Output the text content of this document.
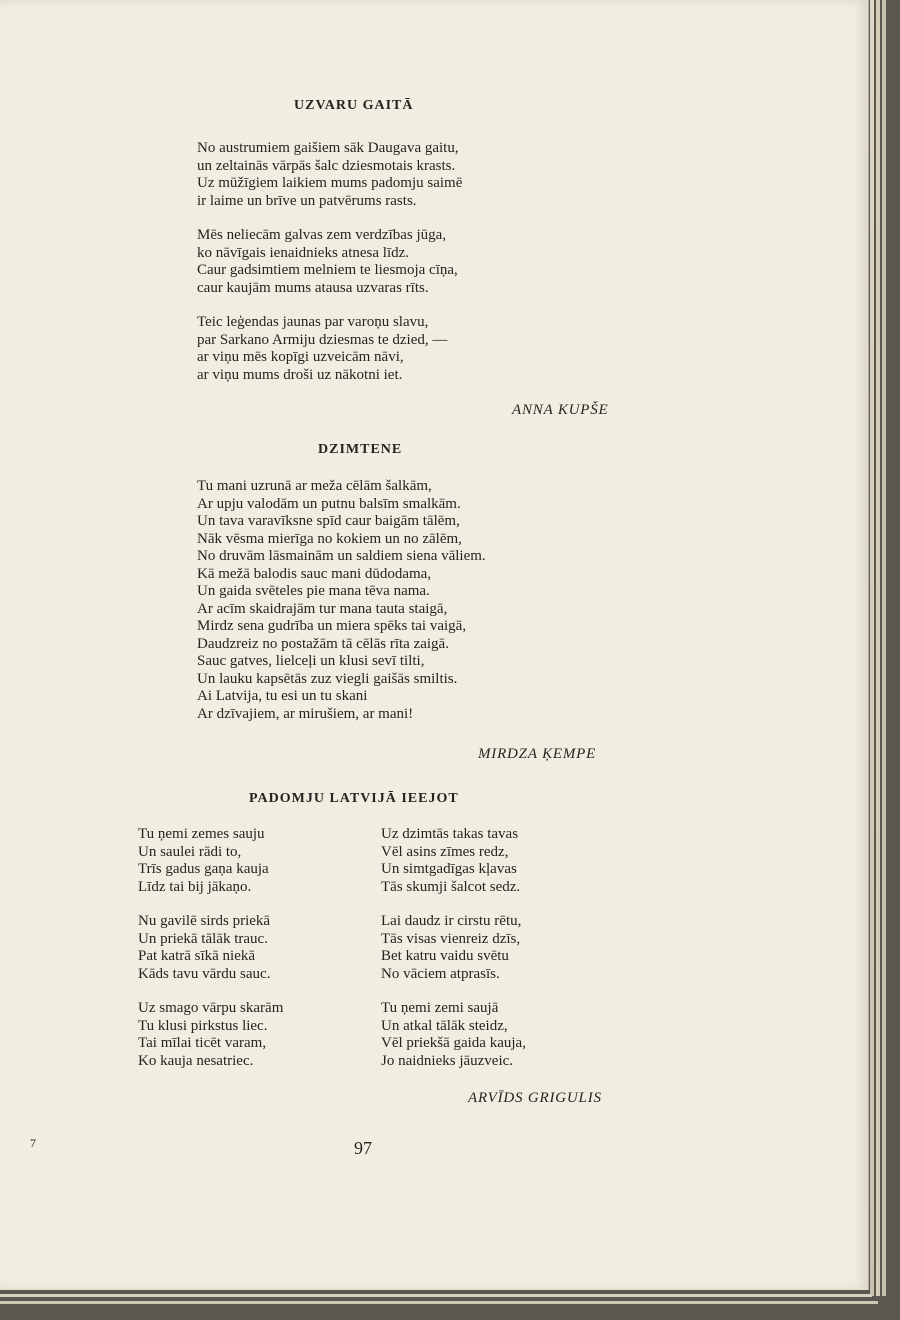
UZVARU GAITĀ
No austrumiem gaišiem sāk Daugava gaitu,
un zeltainās vārpās šalc dziesmotais krasts.
Uz mūžīgiem laikiem mums padomju saimē
ir laime un brīve un patvērums rasts.
Mēs neliecām galvas zem verdzības jūga,
ko nāvīgais ienaidnieks atnesa līdz.
Caur gadsimtiem melniem te liesmoja cīņa,
caur kaujām mums atausa uzvaras rīts.
Teic leģendas jaunas par varoņu slavu,
par Sarkano Armiju dziesmas te dzied, —
ar viņu mēs kopīgi uzveicām nāvi,
ar viņu mums droši uz nākotni iet.
ANNA KUPŠE
DZIMTENE
Tu mani uzrunā ar meža cēlām šalkām,
Ar upju valodām un putnu balsīm smalkām.
Un tava varavīksne spīd caur baigām tālēm,
Nāk vēsma mierīga no kokiem un no zālēm,
No druvām lāsmainām un saldiem siena vāliem.
Kā mežā balodis sauc mani dūdodama,
Un gaida svēteles pie mana tēva nama.
Ar acīm skaidrajām tur mana tauta staigā,
Mirdz sena gudrība un miera spēks tai vaigā,
Daudzreiz no postažām tā cēlās rīta zaigā.
Sauc gatves, lielceļi un klusi sevī tilti,
Un lauku kapsētās zuz viegli gaišās smiltis.
Ai Latvija, tu esi un tu skani
Ar dzīvajiem, ar mirušiem, ar mani!
MIRDZA ĶEMPE
PADOMJU LATVIJĀ IEEJOT
Tu ņemi zemes sauju
Un saulei rādi to,
Trīs gadus gaņa kauja
Līdz tai bij jākaņo.
Nu gavilē sirds priekā
Un priekā tālāk trauc.
Pat katrā sīkā niekā
Kāds tavu vārdu sauc.
Uz smago vārpu skarām
Tu klusi pirkstus liec.
Tai mīlai ticēt varam,
Ko kauja nesatriec.
Uz dzimtās takas tavas
Vēl asins zīmes redz,
Un simtgadīgas kļavas
Tās skumji šalcot sedz.
Lai daudz ir cirstu rētu,
Tās visas vienreiz dzīs,
Bet katru vaidu svētu
No vāciem atprasīs.
Tu ņemi zemi saujā
Un atkal tālāk steidz,
Vēl priekšā gaida kauja,
Jo naidnieks jāuzveic.
ARVĪDS GRIGULIS
7	97
